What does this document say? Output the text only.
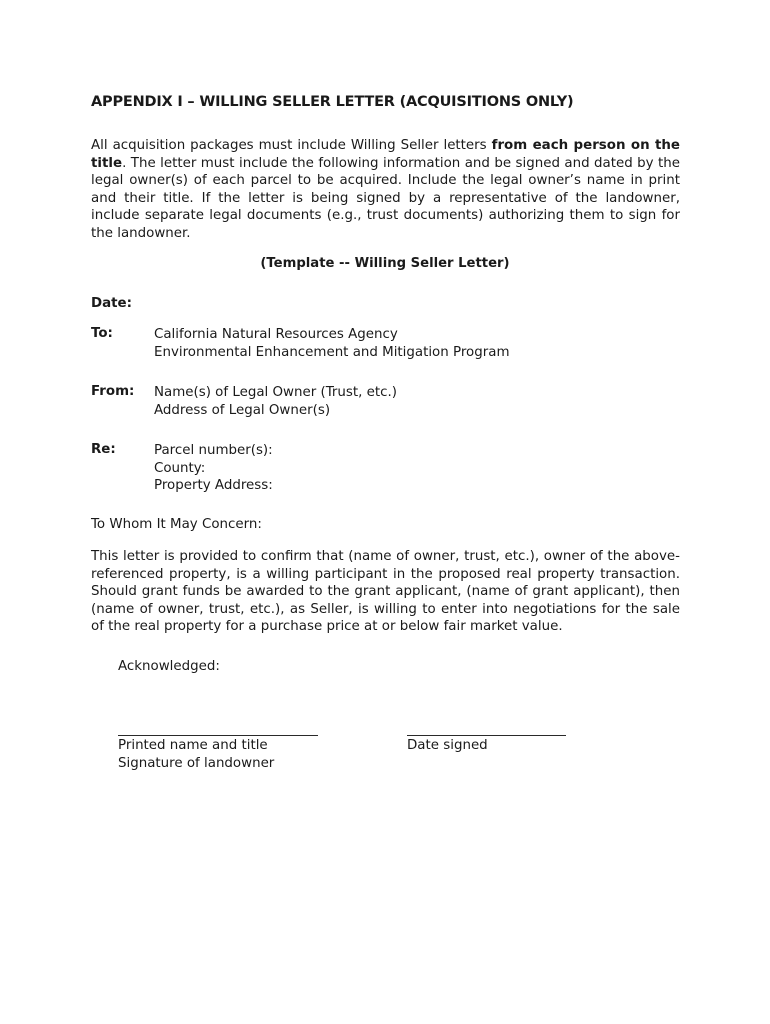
APPENDIX I – WILLING SELLER LETTER (ACQUISITIONS ONLY)
All acquisition packages must include Willing Seller letters from each person on the title. The letter must include the following information and be signed and dated by the legal owner(s) of each parcel to be acquired. Include the legal owner’s name in print and their title. If the letter is being signed by a representative of the landowner, include separate legal documents (e.g., trust documents) authorizing them to sign for the landowner.
(Template -- Willing Seller Letter)
Date:
To:	California Natural Resources Agency
Environmental Enhancement and Mitigation Program
From: Name(s) of Legal Owner (Trust, etc.)
Address of Legal Owner(s)
Re:	Parcel number(s):
County:
Property Address:
To Whom It May Concern:
This letter is provided to confirm that (name of owner, trust, etc.), owner of the above-referenced property, is a willing participant in the proposed real property transaction. Should grant funds be awarded to the grant applicant, (name of grant applicant), then (name of owner, trust, etc.), as Seller, is willing to enter into negotiations for the sale of the real property for a purchase price at or below fair market value.
Acknowledged:
Printed name and title
Signature of landowner
Date signed
